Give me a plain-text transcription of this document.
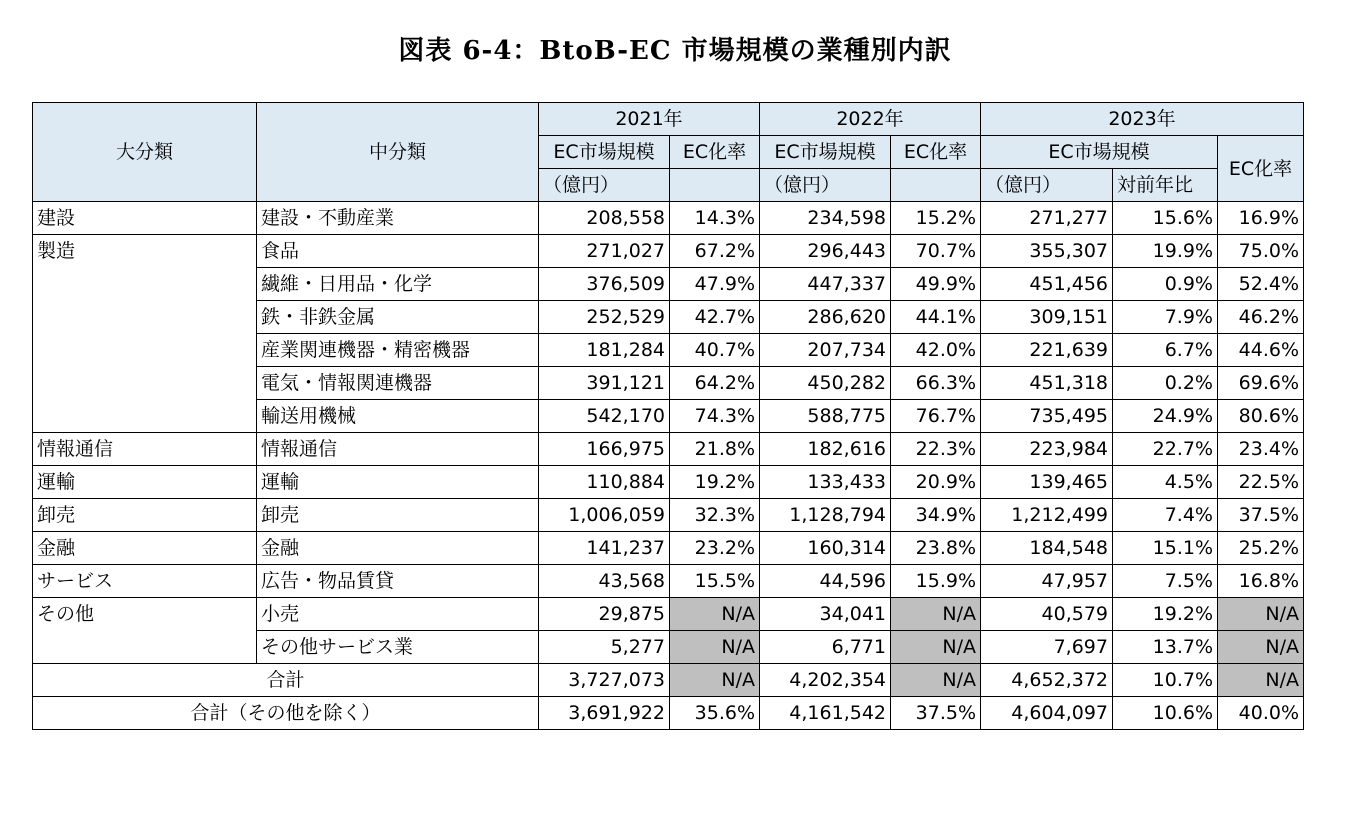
図表 6-4：BtoB-EC 市場規模の業種別内訳
大分類	中分類	2021年		2022年		2023年		
		EC市場規模	EC化率	EC市場規模	EC化率	EC市場規模		EC化率
		（億円）		（億円）		（億円）	対前年比	
建設	建設・不動産業	208,558	14.3%	234,598	15.2%	271,277	15.6%	16.9%
製造	食品	271,027	67.2%	296,443	70.7%	355,307	19.9%	75.0%
	繊維・日用品・化学	376,509	47.9%	447,337	49.9%	451,456	0.9%	52.4%
	鉄・非鉄金属	252,529	42.7%	286,620	44.1%	309,151	7.9%	46.2%
	産業関連機器・精密機器	181,284	40.7%	207,734	42.0%	221,639	6.7%	44.6%
	電気・情報関連機器	391,121	64.2%	450,282	66.3%	451,318	0.2%	69.6%
	輸送用機械	542,170	74.3%	588,775	76.7%	735,495	24.9%	80.6%
情報通信	情報通信	166,975	21.8%	182,616	22.3%	223,984	22.7%	23.4%
運輸	運輸	110,884	19.2%	133,433	20.9%	139,465	4.5%	22.5%
卸売	卸売	1,006,059	32.3%	1,128,794	34.9%	1,212,499	7.4%	37.5%
金融	金融	141,237	23.2%	160,314	23.8%	184,548	15.1%	25.2%
サービス	広告・物品賃貸	43,568	15.5%	44,596	15.9%	47,957	7.5%	16.8%
その他	小売	29,875	N/A	34,041	N/A	40,579	19.2%	N/A
	その他サービス業	5,277	N/A	6,771	N/A	7,697	13.7%	N/A
合計		3,727,073	N/A	4,202,354	N/A	4,652,372	10.7%	N/A
合計（その他を除く）		3,691,922	35.6%	4,161,542	37.5%	4,604,097	10.6%	40.0%
